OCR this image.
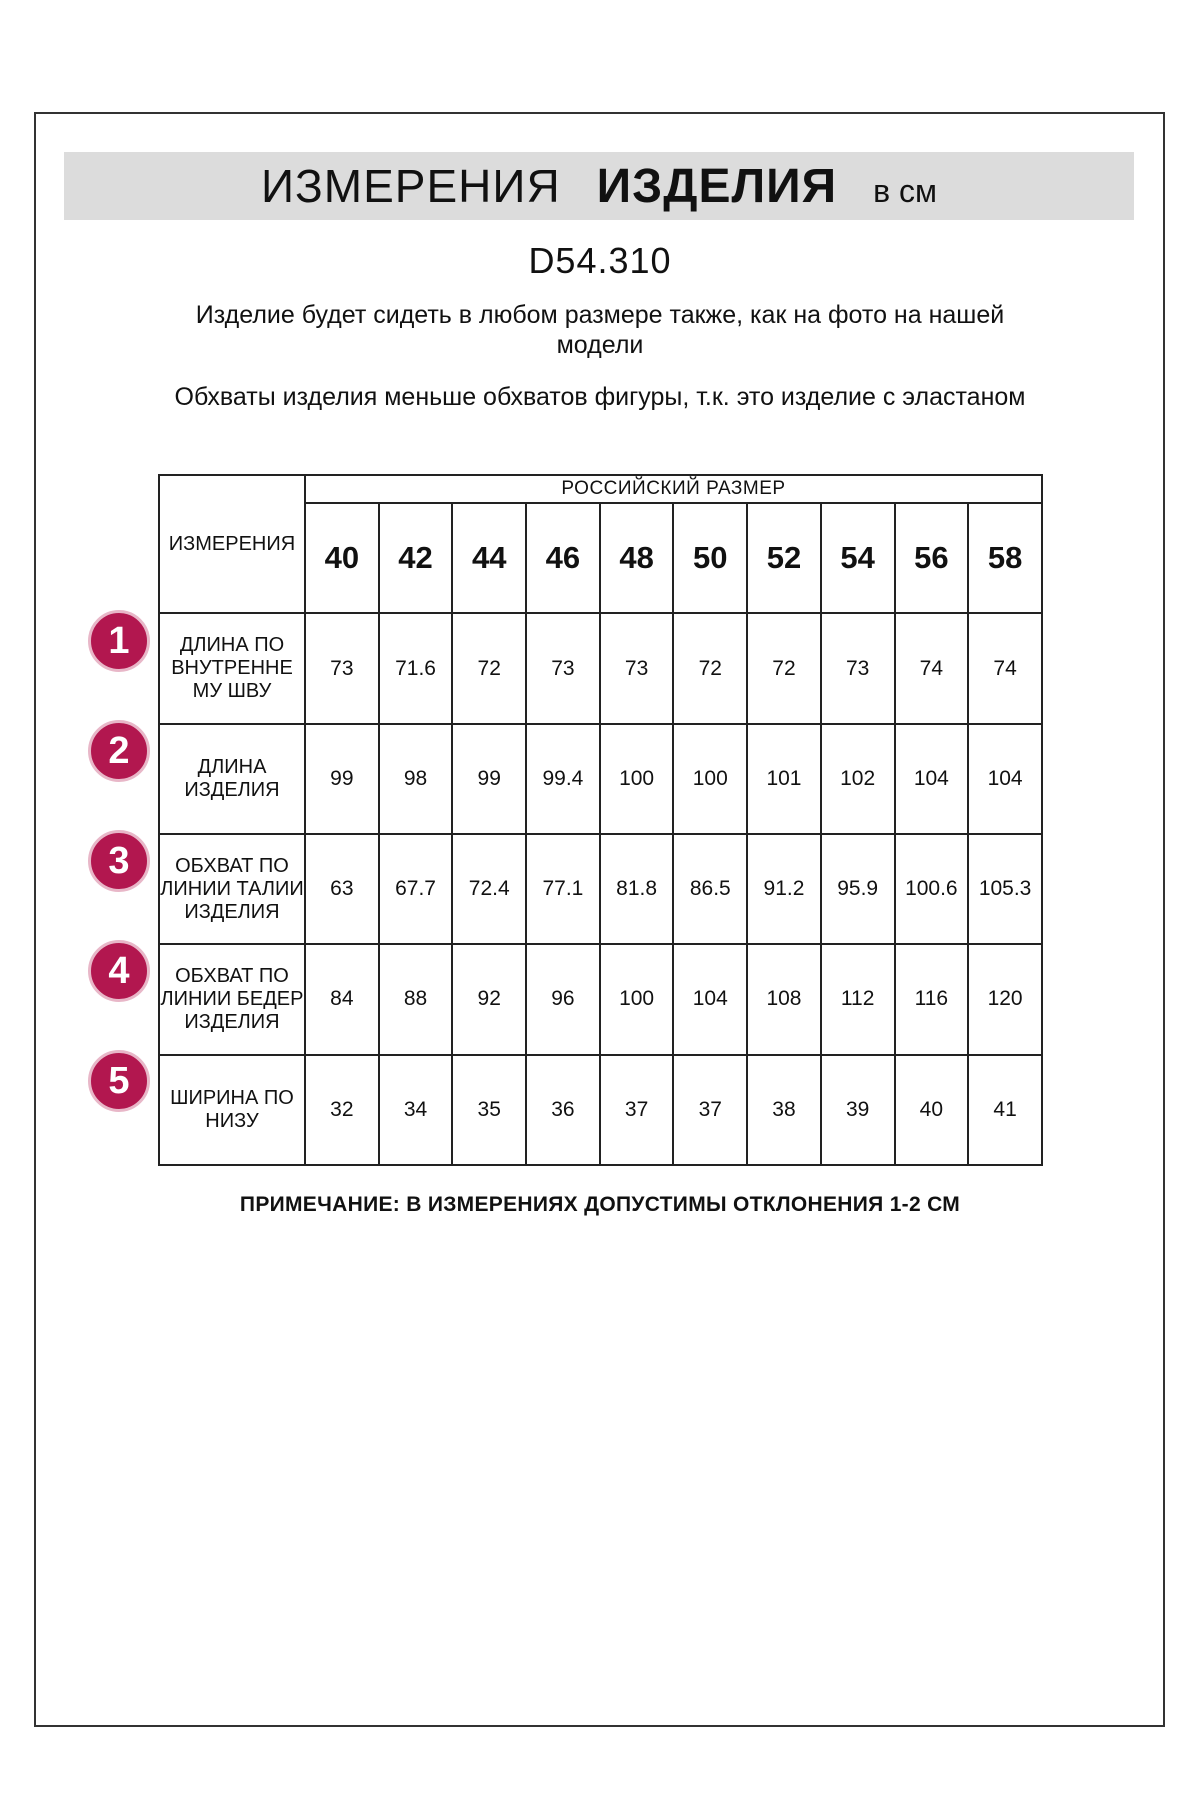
ИЗМЕРЕНИЯ ИЗДЕЛИЯ в см
D54.310
Изделие будет сидеть в любом размере также, как на фото на нашей модели
Обхваты изделия меньше обхватов фигуры, т.к. это изделие с эластаном
ИЗМЕРЕНИЯ	РОССИЙСКИЙ РАЗМЕР									
	40	42	44	46	48	50	52	54	56	58
ДЛИНА ПО ВНУТРЕННЕ МУ ШВУ	73	71.6	72	73	73	72	72	73	74	74
ДЛИНА ИЗДЕЛИЯ	99	98	99	99.4	100	100	101	102	104	104
ОБХВАТ ПО ЛИНИИ ТАЛИИ ИЗДЕЛИЯ	63	67.7	72.4	77.1	81.8	86.5	91.2	95.9	100.6	105.3
ОБХВАТ ПО ЛИНИИ БЕДЕР ИЗДЕЛИЯ	84	88	92	96	100	104	108	112	116	120
ШИРИНА ПО НИЗУ	32	34	35	36	37	37	38	39	40	41
1
2
3
4
5
ПРИМЕЧАНИЕ: В ИЗМЕРЕНИЯХ ДОПУСТИМЫ ОТКЛОНЕНИЯ 1-2 СМ
